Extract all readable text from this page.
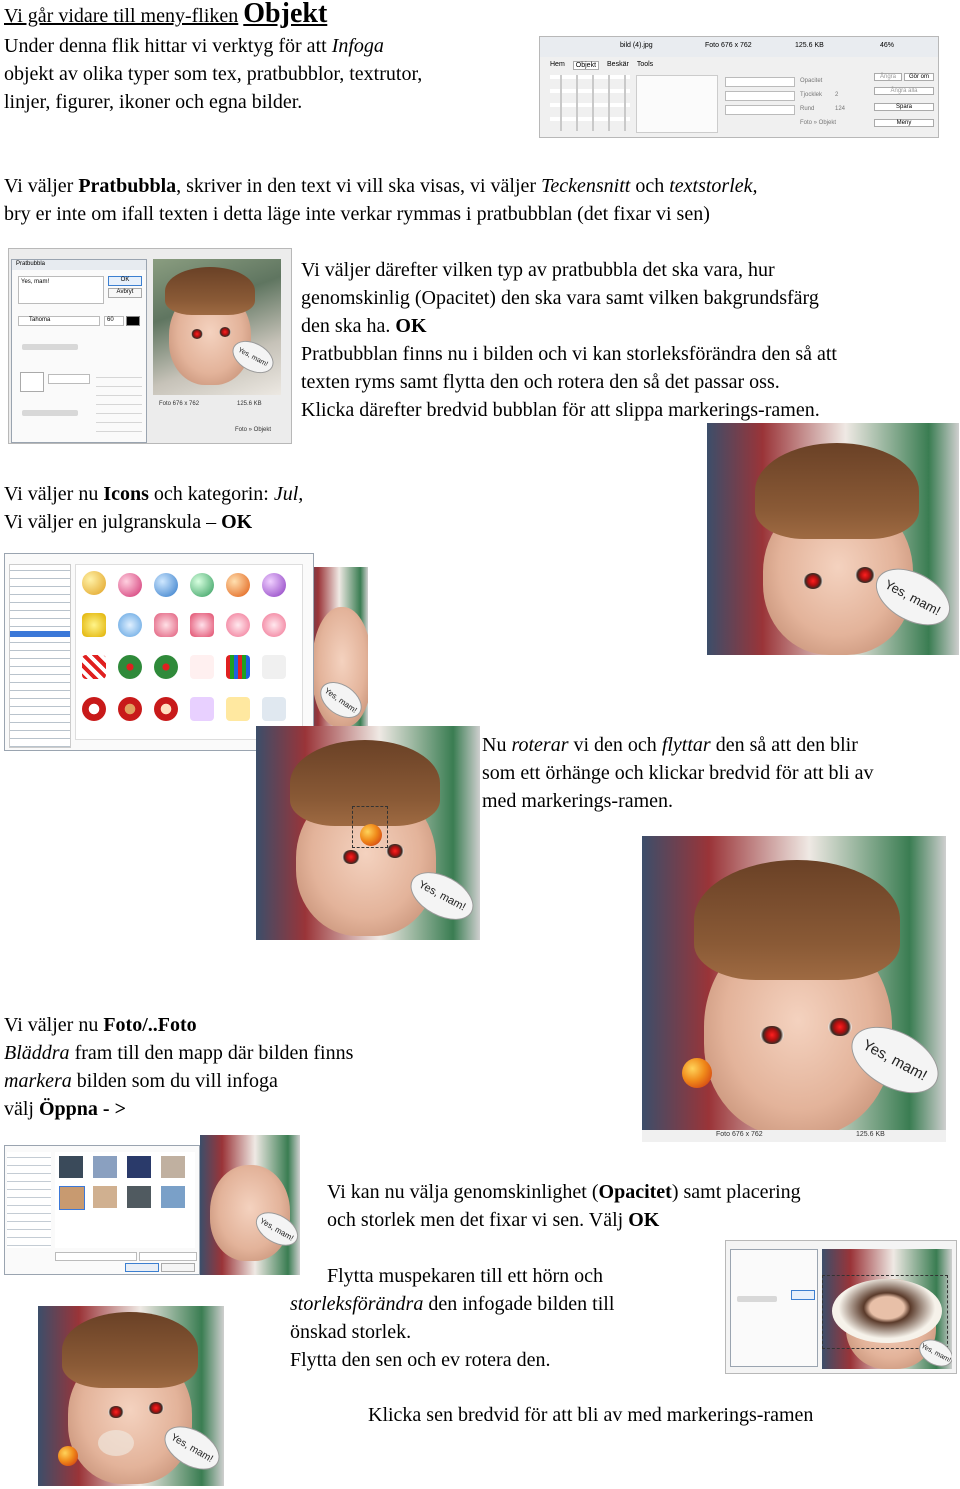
Vi går vidare till meny-fliken Objekt
Under denna flik hittar vi verktyg för att Infoga
objekt av olika typer som tex, pratbubblor, textrutor,
linjer, figurer, ikoner och egna bilder.
bild (4).jpg	Foto 676 x 762	125.6 KB	46%
Hem	Objekt	Beskär Tools
Opacitet
Tjocklek 2
Rund	124
Foto » Objekt
Ångra	Gör om
Ångra alla
Spara
Meny
Vi väljer Pratbubbla, skriver in den text vi vill ska visas, vi väljer Teckensnitt och textstorlek,
bry er inte om ifall texten i detta läge inte verkar rymmas i pratbubblan (det fixar vi sen)
Pratbubbla
Yes, mam!	OK
Avbryt
Tahoma	60
Yes, mam!
Foto 676 x 762	125.6 KB
Foto » Objekt
Vi väljer därefter vilken typ av pratbubbla det ska vara, hur
genomskinlig (Opacitet) den ska vara samt vilken bakgrundsfärg
den ska ha. OK
Pratbubblan finns nu i bilden och vi kan storleksförändra den så att
texten ryms samt flytta den och rotera den så det passar oss.
Klicka därefter bredvid bubblan för att slippa markerings-ramen.
Yes, mam!
Vi väljer nu Icons och kategorin: Jul,
Vi väljer en julgranskula – OK
Yes, mam!
Yes, mam!
Nu roterar vi den och flyttar den så att den blir
som ett örhänge och klickar bredvid för att bli av
med markerings-ramen.
Yes, mam!
Foto 676 x 762	125.6 KB
Vi väljer nu Foto/..Foto
Bläddra fram till den mapp där bilden finns
markera bilden som du vill infoga
välj Öppna - >
Yes, mam!
Vi kan nu välja genomskinlighet (Opacitet) samt placering
och storlek men det fixar vi sen. Välj OK
Yes, mam!
Flytta muspekaren till ett hörn och
storleksförändra den infogade bilden till
önskad storlek.
Flytta den sen och ev rotera den.
Yes, mam!
Klicka sen bredvid för att bli av med markerings-ramen
